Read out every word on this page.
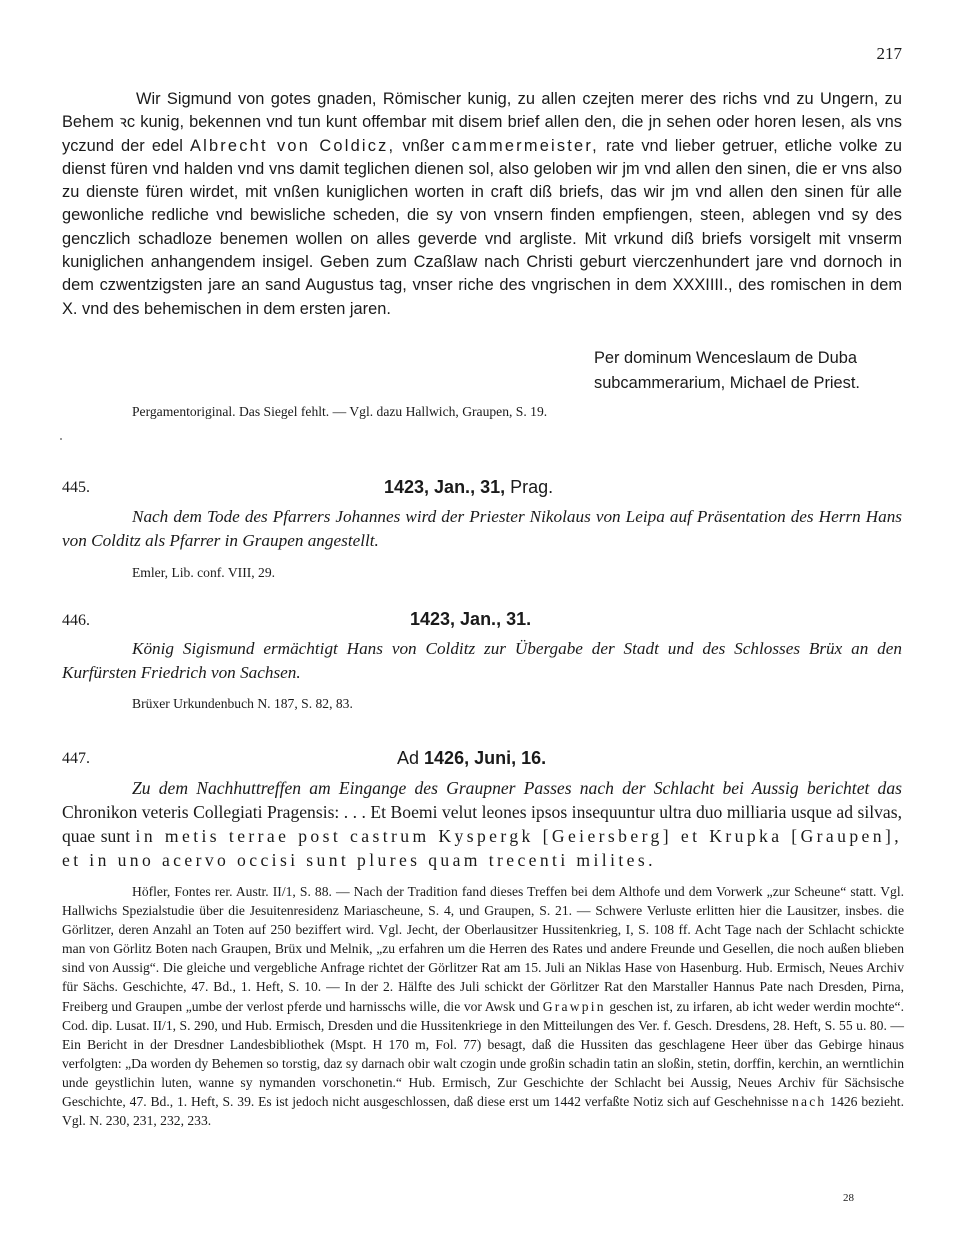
217

Wir Sigmund von gotes gnaden, Römischer kunig, zu allen czejten merer des richs vnd zu Ungern, zu Behem ꝛc kunig, bekennen vnd tun kunt offembar mit disem brief allen den, die jn sehen oder horen lesen, als vns yczund der edel Albrecht von Coldicz, vnßer cammermeister, rate vnd lieber getruer, etliche volke zu dienst füren vnd halden vnd vns damit teglichen dienen sol, also geloben wir jm vnd allen den sinen, die er vns also zu dienste füren wirdet, mit vnßen kuniglichen worten in craft diß briefs, das wir jm vnd allen den sinen für alle gewonliche redliche vnd bewisliche scheden, die sy von vnsern finden empfiengen, steen, ablegen vnd sy des genczlich schadloze benemen wollen on alles geverde vnd argliste. Mit vrkund diß briefs vorsigelt mit vnserm kuniglichen anhangendem insigel. Geben zum Czaßlaw nach Christi geburt vierczenhundert jare vnd dornoch in dem czwentzigsten jare an sand Augustus tag, vnser riche des vngrischen in dem XXXIIII., des romischen in dem X. vnd des behemischen in dem ersten jaren.

Per dominum Wenceslaum de Duba
subcammerarium, Michael de Priest.
Pergamentoriginal. Das Siegel fehlt. — Vgl. dazu Hallwich, Graupen, S. 19.
445.	1423, Jan., 31, Prag.

Nach dem Tode des Pfarrers Johannes wird der Priester Nikolaus von Leipa auf Präsentation des Herrn Hans von Colditz als Pfarrer in Graupen angestellt.

Emler, Lib. conf. VIII, 29.
446.	1423, Jan., 31.

König Sigismund ermächtigt Hans von Colditz zur Übergabe der Stadt und des Schlosses Brüx an den Kurfürsten Friedrich von Sachsen.

Brüxer Urkundenbuch N. 187, S. 82, 83.
447.	Ad 1426, Juni, 16.

Zu dem Nachhuttreffen am Eingange des Graupner Passes nach der Schlacht bei Aussig berichtet das Chronikon veteris Collegiati Pragensis: . . . Et Boemi velut leones ipsos insequuntur ultra duo milliaria usque ad silvas, quae sunt in metis terrae post castrum Kyspergk [Geiersberg] et Krupka [Graupen], et in uno acervo occisi sunt plures quam trecenti milites.

Höfler, Fontes rer. Austr. II/1, S. 88. — Nach der Tradition fand dieses Treffen bei dem Althofe und dem Vorwerk „zur Scheune“ statt. Vgl. Hallwichs Spezialstudie über die Jesuitenresidenz Mariascheune, S. 4, und Graupen, S. 21. — Schwere Verluste erlitten hier die Lausitzer, insbes. die Görlitzer, deren Anzahl an Toten auf 250 beziffert wird. Vgl. Jecht, der Oberlausitzer Hussitenkrieg, I, S. 108 ff. Acht Tage nach der Schlacht schickte man von Görlitz Boten nach Graupen, Brüx und Melnik, „zu erfahren um die Herren des Rates und andere Freunde und Gesellen, die noch außen blieben sind von Aussig“. Die gleiche und vergebliche Anfrage richtet der Görlitzer Rat am 15. Juli an Niklas Hase von Hasenburg. Hub. Ermisch, Neues Archiv für Sächs. Geschichte, 47. Bd., 1. Heft, S. 10. — In der 2. Hälfte des Juli schickt der Görlitzer Rat den Marstaller Hannus Pate nach Dresden, Pirna, Freiberg und Graupen „umbe der verlost pferde und harnisschs wille, die vor Awsk und Grawpin geschen ist, zu irfaren, ab icht weder werdin mochte“. Cod. dip. Lusat. II/1, S. 290, und Hub. Ermisch, Dresden und die Hussitenkriege in den Mitteilungen des Ver. f. Gesch. Dresdens, 28. Heft, S. 55 u. 80. — Ein Bericht in der Dresdner Landesbibliothek (Mspt. H 170 m, Fol. 77) besagt, daß die Hussiten das geschlagene Heer über das Gebirge hinaus verfolgten: „Da worden dy Behemen so torstig, daz sy darnach obir walt czogin unde großin schadin tatin an sloßin, stetin, dorffin, kerchin, an werntlichin unde geystlichin luten, wanne sy nymanden vorschonetin.“ Hub. Ermisch, Zur Geschichte der Schlacht bei Aussig, Neues Archiv für Sächsische Geschichte, 47. Bd., 1. Heft, S. 39. Es ist jedoch nicht ausgeschlossen, daß diese erst um 1442 verfaßte Notiz sich auf Geschehnisse nach 1426 bezieht. Vgl. N. 230, 231, 232, 233.

28
